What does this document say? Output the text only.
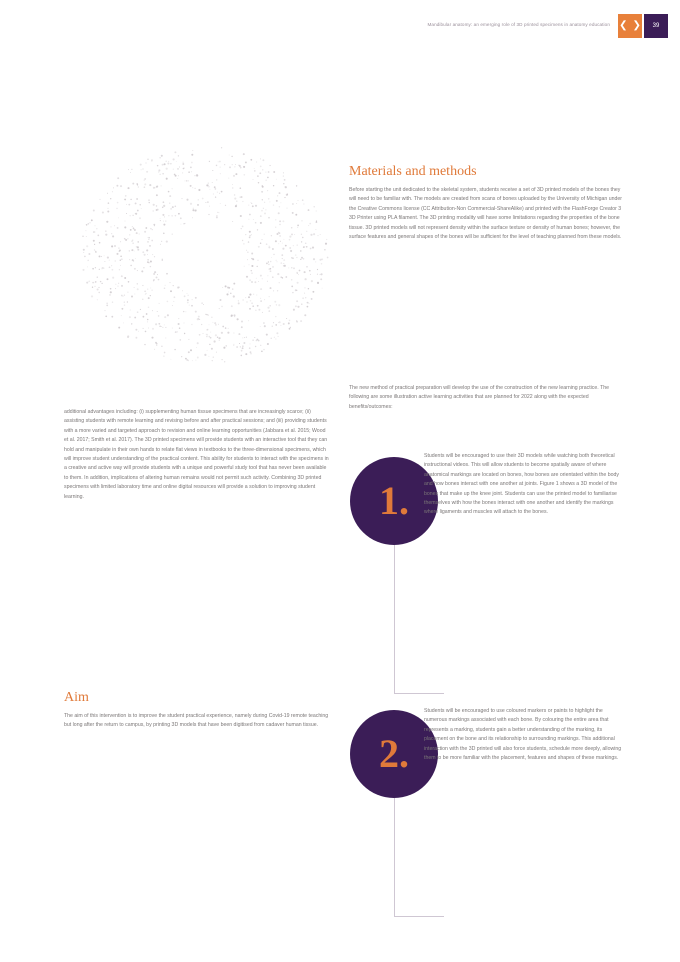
Mandibular anatomy: an emerging role of 3D printed specimens in anatomy education ❮ ❯	39
Materials and methods

Before starting the unit dedicated to the skeletal system, students receive a set of 3D printed models of the bones they will need to be familiar with. The models are created from scans of bones uploaded by the University of Michigan under the Creative Commons license (CC Attribution-Non Commercial-ShareAlike) and printed with the FlashForge Creator 3 3D Printer using PLA filament. The 3D printing modality will have some limitations regarding the properties of the bone tissue. 3D printed models will not represent density within the surface texture or density of human bones; however, the surface features and general shapes of the bones will be sufficient for the level of teaching planned from these models.

The new method of practical preparation will develop the use of the construction of the new learning practice. The following are some illustration active learning activities that are planned for 2022 along with the expected benefits/outcomes:

additional advantages including: (i) supplementing human tissue specimens that are increasingly scarce; (ii) assisting students with remote learning and revising before and after practical sessions; and (iii) providing students with a more varied and targeted approach to revision and online learning opportunities (Jabbara et al. 2015; Wood et al. 2017; Smith et al. 2017). The 3D printed specimens will provide students with an interactive tool that they can hold and manipulate in their own hands to relate flat views in textbooks to the three-dimensional specimens, which will improve student understanding of the practical content. This ability for students to interact with the specimens in a creative and active way will provide students with a unique and powerful study tool that has never been available to them. In addition, implications of altering human remains would not permit such activity. Combining 3D printed specimens with limited laboratory time and online digital resources will provide a solution to improving student learning.

Aim

The aim of this intervention is to improve the student practical experience, namely during Covid-19 remote teaching but long after the return to campus, by printing 3D models that have been digitised from cadaver human tissue.

1.

Students will be encouraged to use their 3D models while watching both theoretical instructional videos. This will allow students to become spatially aware of where anatomical markings are located on bones, how bones are orientated within the body and how bones interact with one another at joints. Figure 1 shows a 3D model of the bones that make up the knee joint. Students can use the printed model to familiarise themselves with how the bones interact with one another and identify the markings where ligaments and muscles will attach to the bones.

2.

Students will be encouraged to use coloured markers or paints to highlight the numerous markings associated with each bone. By colouring the entire area that represents a marking, students gain a better understanding of the marking, its placement on the bone and its relationship to surrounding markings. This additional interaction with the 3D printed will also force students, schedule more deeply, allowing them to be more familiar with the placement, features and shapes of these markings.
